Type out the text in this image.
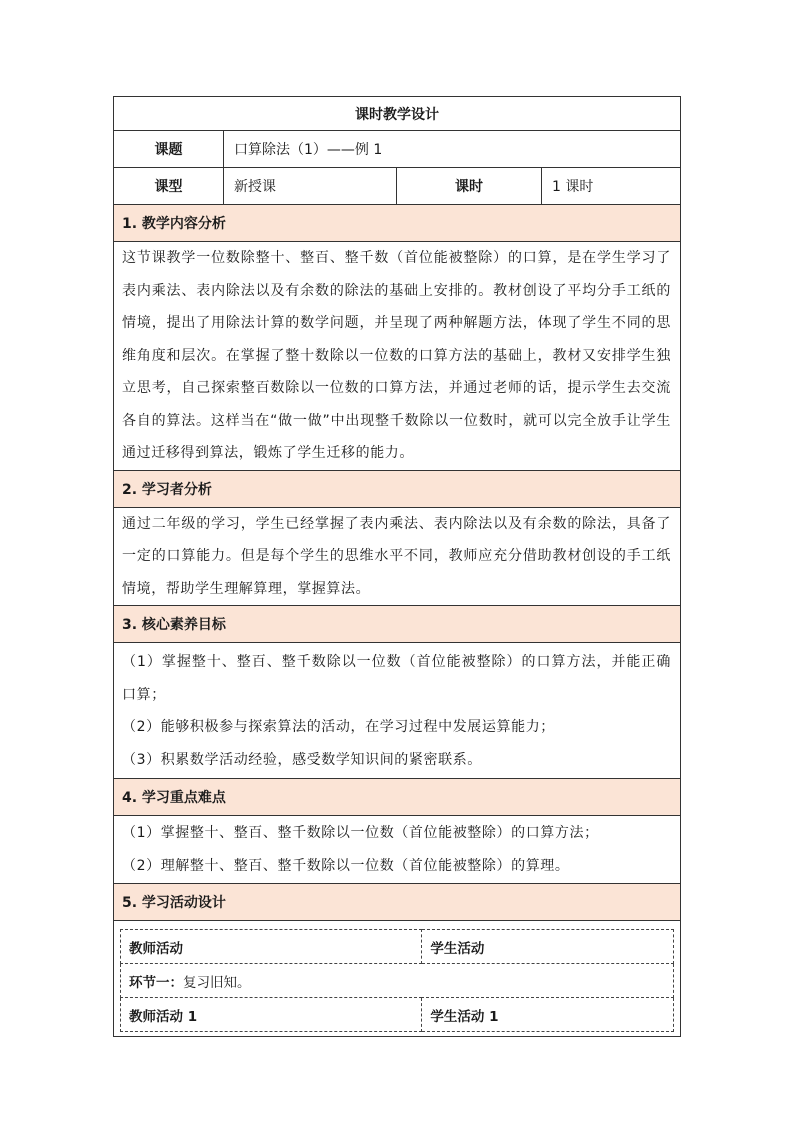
课时教学设计
课题	口算除法（1）——例 1
课型	新授课	课时	1 课时
1. 教学内容分析
这节课教学一位数除整十、整百、整千数（首位能被整除）的口算，是在学生学习了表内乘法、表内除法以及有余数的除法的基础上安排的。教材创设了平均分手工纸的情境，提出了用除法计算的数学问题，并呈现了两种解题方法，体现了学生不同的思维角度和层次。在掌握了整十数除以一位数的口算方法的基础上，教材又安排学生独立思考，自己探索整百数除以一位数的口算方法，并通过老师的话，提示学生去交流各自的算法。这样当在“做一做”中出现整千数除以一位数时，就可以完全放手让学生通过迁移得到算法，锻炼了学生迁移的能力。
2. 学习者分析
通过二年级的学习，学生已经掌握了表内乘法、表内除法以及有余数的除法，具备了一定的口算能力。但是每个学生的思维水平不同，教师应充分借助教材创设的手工纸情境，帮助学生理解算理，掌握算法。
3. 核心素养目标

（1）掌握整十、整百、整千数除以一位数（首位能被整除）的口算方法，并能正确口算；
（2）能够积极参与探索算法的活动，在学习过程中发展运算能力；
（3）积累数学活动经验，感受数学知识间的紧密联系。

4. 学习重点难点

（1）掌握整十、整百、整千数除以一位数（首位能被整除）的口算方法；
（2）理解整十、整百、整千数除以一位数（首位能被整除）的算理。

5. 学习活动设计

教师活动	学生活动
环节一：复习旧知。
教师活动 1	学生活动 1
